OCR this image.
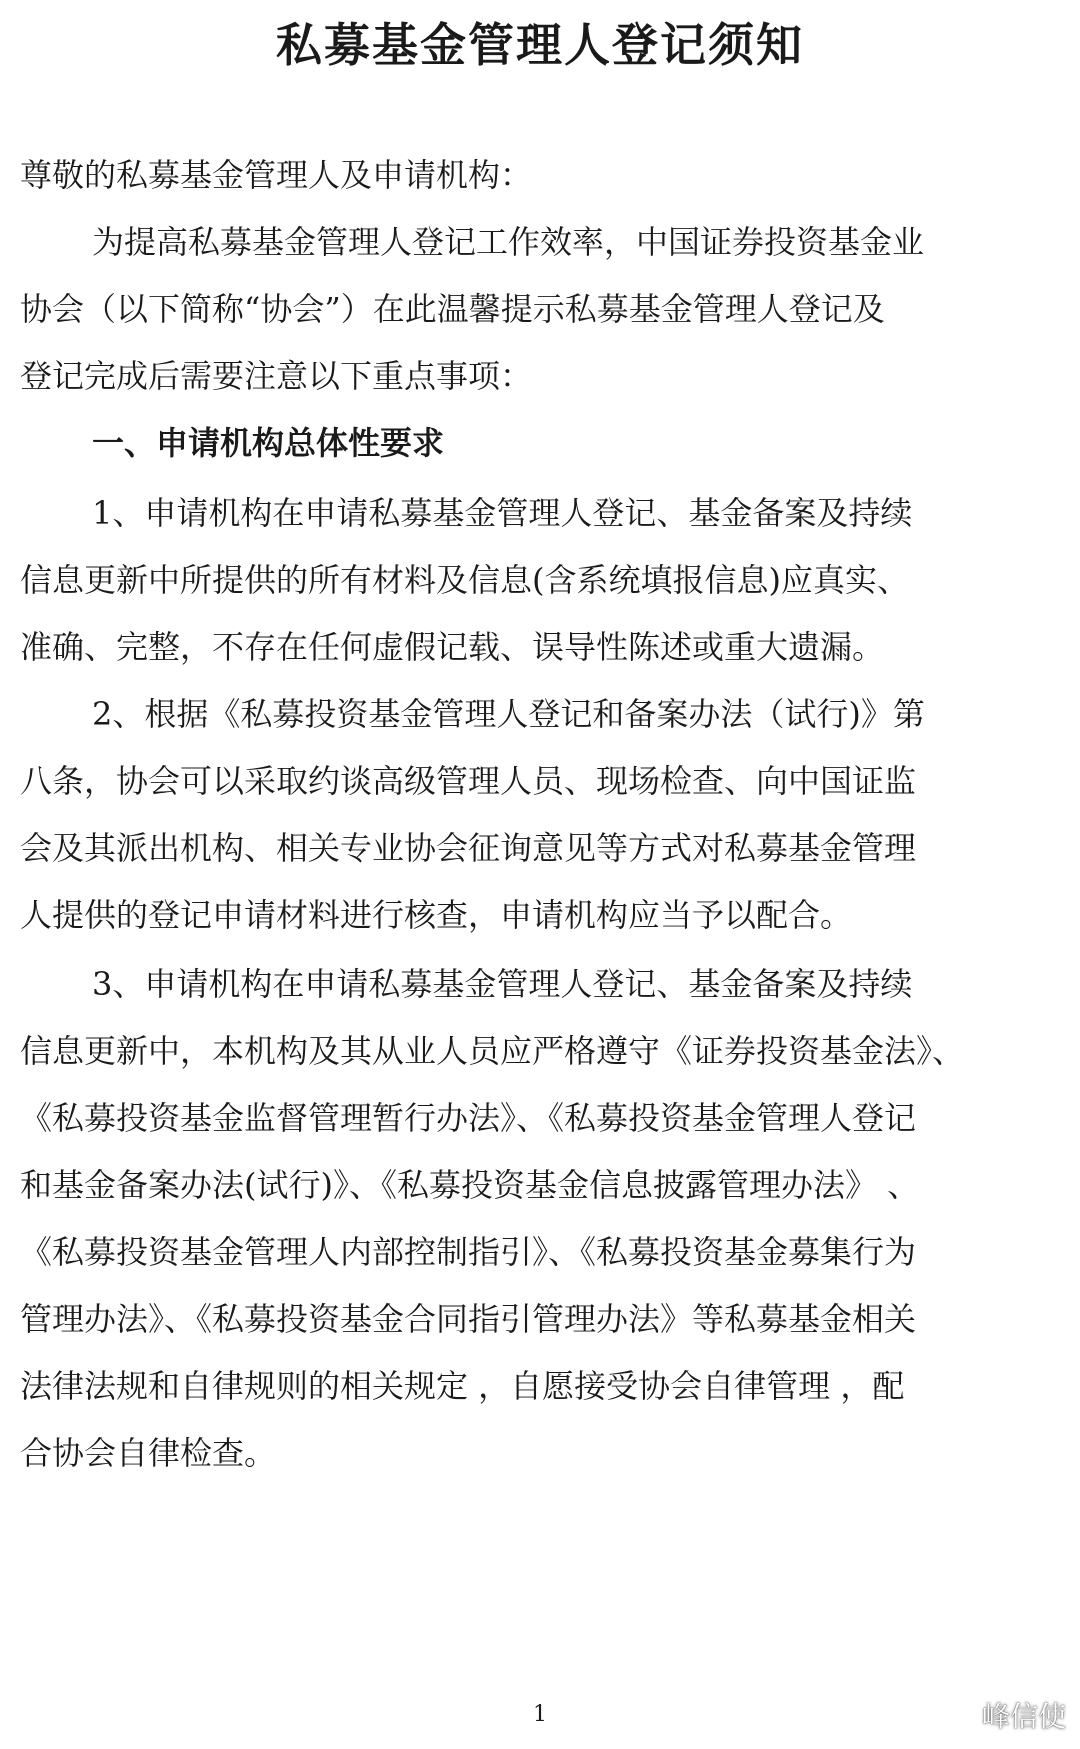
私募基金管理人登记须知

尊敬的私募基金管理人及申请机构：

为提高私募基金管理人登记工作效率，中国证券投资基金业

协会（以下简称“协会”）在此温馨提示私募基金管理人登记及

登记完成后需要注意以下重点事项：

一、申请机构总体性要求

1、申请机构在申请私募基金管理人登记、基金备案及持续

信息更新中所提供的所有材料及信息(含系统填报信息)应真实、

准确、完整，不存在任何虚假记载、误导性陈述或重大遗漏。

2、根据《私募投资基金管理人登记和备案办法（试行)》第

八条，协会可以采取约谈高级管理人员、现场检查、向中国证监

会及其派出机构、相关专业协会征询意见等方式对私募基金管理

人提供的登记申请材料进行核查，申请机构应当予以配合。

3、申请机构在申请私募基金管理人登记、基金备案及持续

信息更新中，本机构及其从业人员应严格遵守《证券投资基金法》、

《私募投资基金监督管理暂行办法》、《私募投资基金管理人登记

和基金备案办法(试行)》、《私募投资基金信息披露管理办法》 、

《私募投资基金管理人内部控制指引》、《私募投资基金募集行为

管理办法》、《私募投资基金合同指引管理办法》等私募基金相关

法律法规和自律规则的相关规定 ，自愿接受协会自律管理 ，配

合协会自律检查。

1	峰信使
